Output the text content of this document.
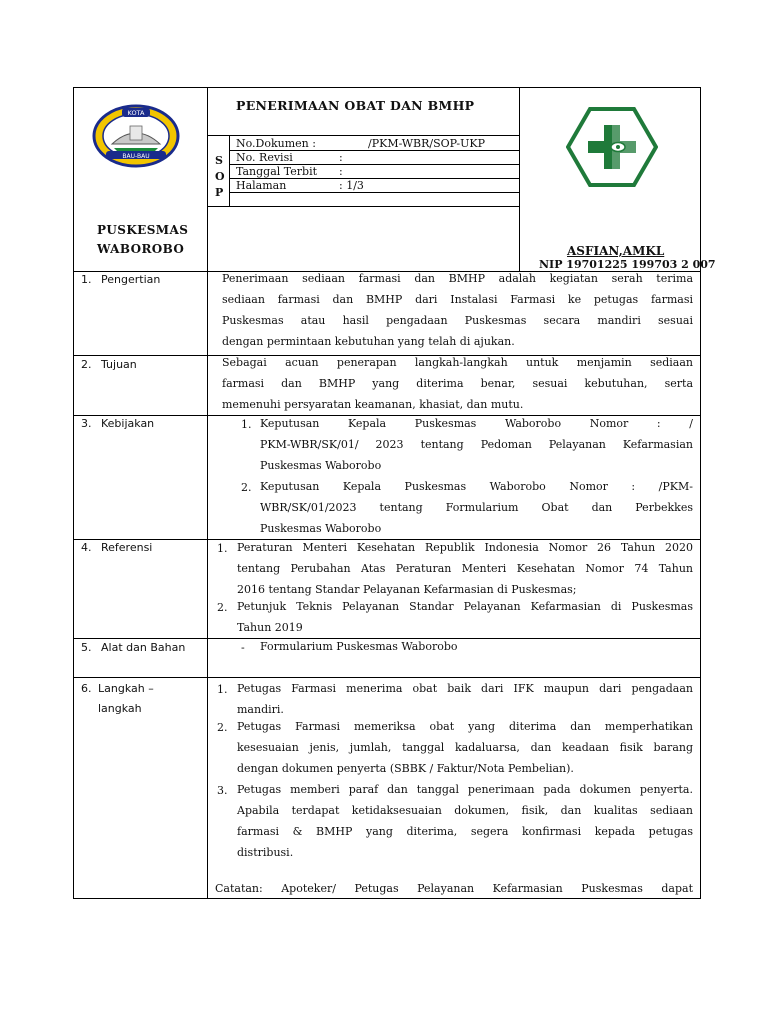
BAU-BAU
KOTA	PENERIMAAN OBAT DAN BMHP
S
O
P
No.Dokumen :	/PKM-WBR/SOP-UKP
No. Revisi	:
Tanggal Terbit :
Halaman	: 1/3
PUSKESMAS
WABOROBO	ASFIAN,AMKL
NIP 19701225 199703 2 007
1. Pengertian	Penerimaan sediaan farmasi dan BMHP adalah kegiatan serah terima

sediaan farmasi dan BMHP dari Instalasi Farmasi ke petugas farmasi

Puskesmas atau hasil pengadaan Puskesmas secara mandiri sesuai

dengan permintaan kebutuhan yang telah di ajukan.

2. Tujuan	Sebagai acuan penerapan langkah-langkah untuk menjamin sediaan

farmasi dan BMHP yang diterima benar, sesuai kebutuhan, serta

memenuhi persyaratan keamanan, khasiat, dan mutu.

3. Kebijakan	1. Keputusan Kepala Puskesmas Waborobo Nomor : /

PKM-WBR/SK/01/ 2023 tentang Pedoman Pelayanan Kefarmasian

Puskesmas Waborobo

2. Keputusan Kepala Puskesmas Waborobo Nomor : /PKM-

WBR/SK/01/2023 tentang Formularium Obat dan Perbekkes

Puskesmas Waborobo

4. Referensi	1. Peraturan Menteri Kesehatan Republik Indonesia Nomor 26 Tahun 2020

tentang Perubahan Atas Peraturan Menteri Kesehatan Nomor 74 Tahun

2016 tentang Standar Pelayanan Kefarmasian di Puskesmas;

2. Petunjuk Teknis Pelayanan Standar Pelayanan Kefarmasian di Puskesmas

Tahun 2019

5. Alat dan Bahan	- Formularium Puskesmas Waborobo

6. Langkah –
langkah
1. Petugas Farmasi menerima obat baik dari IFK maupun dari pengadaan

mandiri.

2. Petugas Farmasi memeriksa obat yang diterima dan memperhatikan

kesesuaian jenis, jumlah, tanggal kadaluarsa, dan keadaan fisik barang

dengan dokumen penyerta (SBBK / Faktur/Nota Pembelian).

3. Petugas memberi paraf dan tanggal penerimaan pada dokumen penyerta.

Apabila terdapat ketidaksesuaian dokumen, fisik, dan kualitas sediaan

farmasi & BMHP yang diterima, segera konfirmasi kepada petugas

distribusi.

Catatan: Apoteker/ Petugas Pelayanan Kefarmasian Puskesmas dapat
